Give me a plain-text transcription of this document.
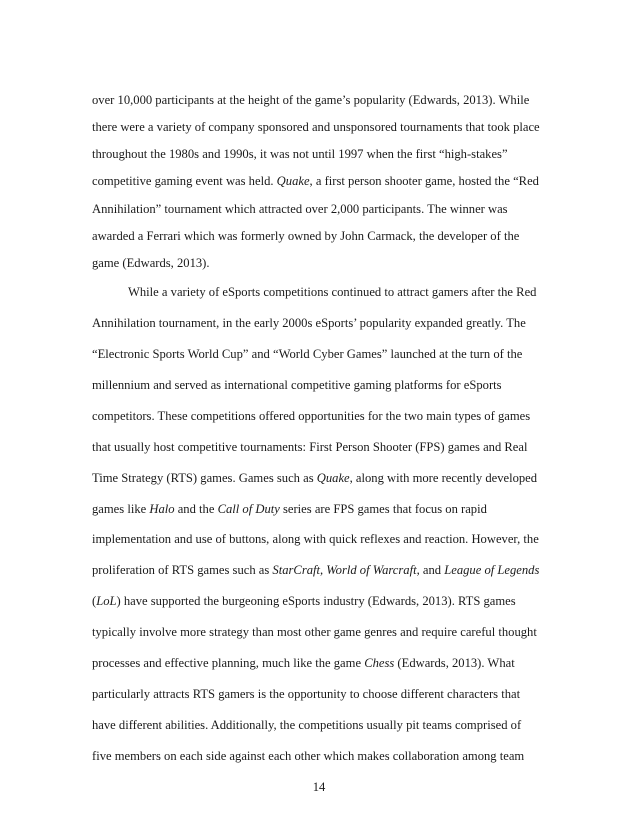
over 10,000 participants at the height of the game’s popularity (Edwards, 2013). While

there were a variety of company sponsored and unsponsored tournaments that took place

throughout the 1980s and 1990s, it was not until 1997 when the first “high-stakes”

competitive gaming event was held. Quake, a first person shooter game, hosted the “Red

Annihilation” tournament which attracted over 2,000 participants. The winner was

awarded a Ferrari which was formerly owned by John Carmack, the developer of the

game (Edwards, 2013).

While a variety of eSports competitions continued to attract gamers after the Red

Annihilation tournament, in the early 2000s eSports’ popularity expanded greatly. The

“Electronic Sports World Cup” and “World Cyber Games” launched at the turn of the

millennium and served as international competitive gaming platforms for eSports

competitors. These competitions offered opportunities for the two main types of games

that usually host competitive tournaments: First Person Shooter (FPS) games and Real

Time Strategy (RTS) games. Games such as Quake, along with more recently developed

games like Halo and the Call of Duty series are FPS games that focus on rapid

implementation and use of buttons, along with quick reflexes and reaction. However, the

proliferation of RTS games such as StarCraft, World of Warcraft, and League of Legends

(LoL) have supported the burgeoning eSports industry (Edwards, 2013). RTS games

typically involve more strategy than most other game genres and require careful thought

processes and effective planning, much like the game Chess (Edwards, 2013). What

particularly attracts RTS gamers is the opportunity to choose different characters that

have different abilities. Additionally, the competitions usually pit teams comprised of

five members on each side against each other which makes collaboration among team

14
